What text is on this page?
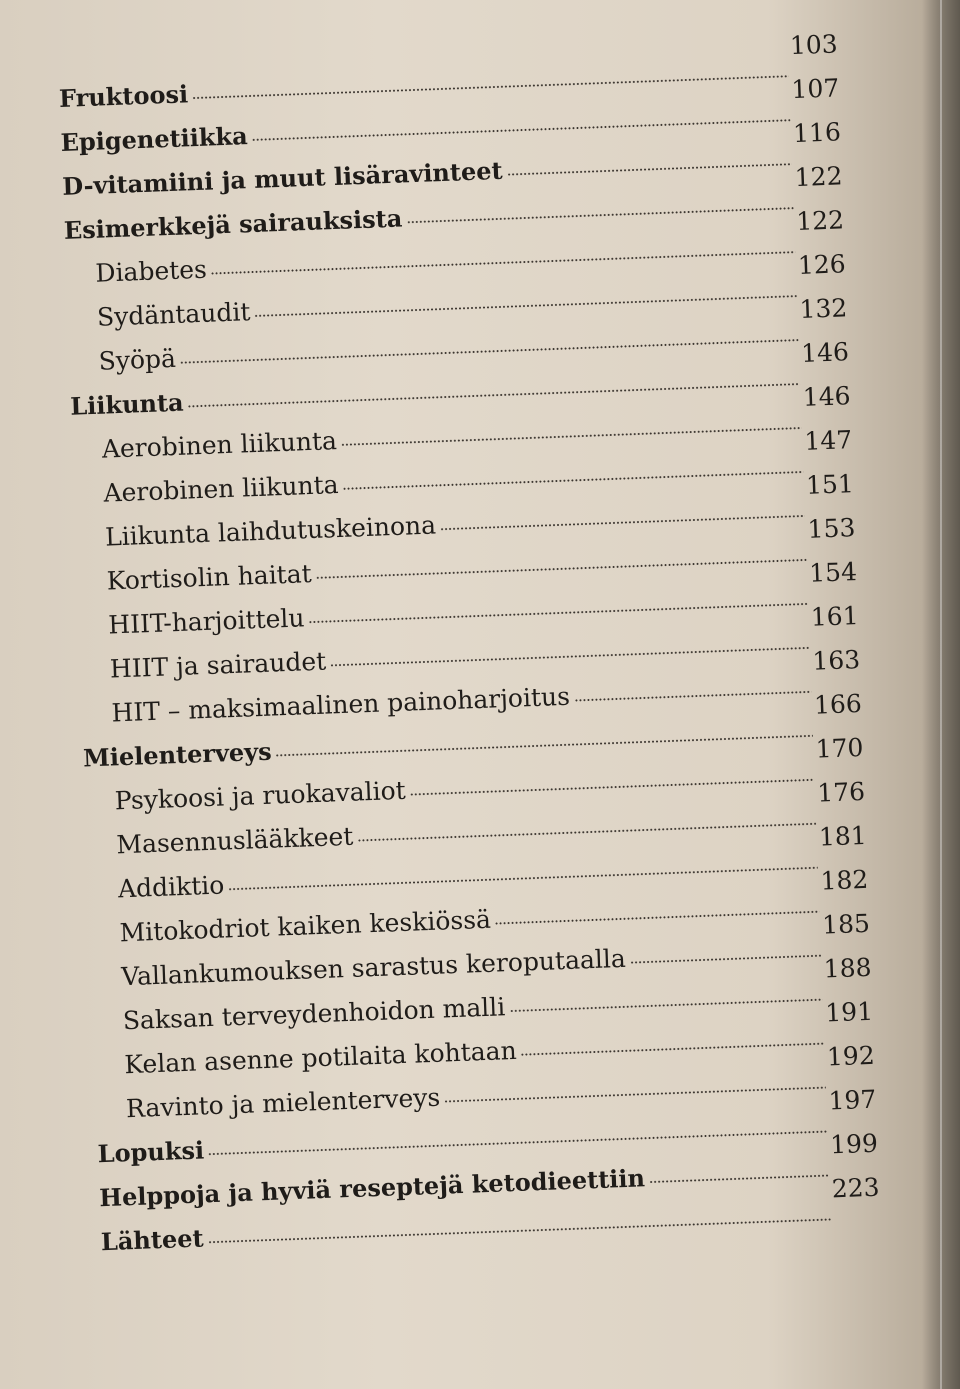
Fruktoosi
103
Epigenetiikka
107
D-vitamiini ja muut lisäravinteet
116
Esimerkkejä sairauksista
122
Diabetes
122
Sydäntaudit
126
Syöpä
132
Liikunta
146
Aerobinen liikunta
146
Aerobinen liikunta
147
Liikunta laihdutuskeinona
151
Kortisolin haitat
153
HIIT-harjoittelu
154
HIIT ja sairaudet
161
HIT – maksimaalinen painoharjoitus
163
Mielenterveys
166
Psykoosi ja ruokavaliot
170
Masennuslääkkeet
176
Addiktio
181
Mitokodriot kaiken keskiössä
182
Vallankumouksen sarastus keroputaalla
185
Saksan terveydenhoidon malli
188
Kelan asenne potilaita kohtaan
191
Ravinto ja mielenterveys
192
Lopuksi
197
Helppoja ja hyviä reseptejä ketodieettiin
199
Lähteet
223
